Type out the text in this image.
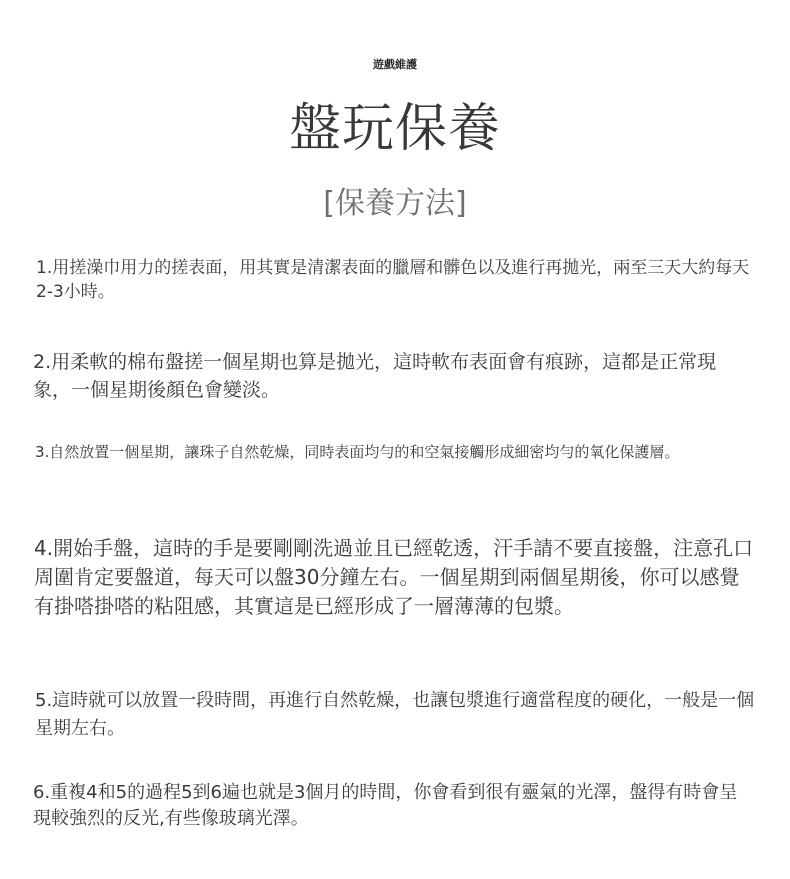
遊戲維護
盤玩保養
[保養方法]

1.用搓澡巾用力的搓表面，用其實是清潔表面的臘層和髒色以及進行再拋光，兩至三天大約每天2-3小時。

2.用柔軟的棉布盤搓一個星期也算是拋光，這時軟布表面會有痕跡，這都是正常現象，一個星期後顏色會變淡。

3.自然放置一個星期，讓珠子自然乾燥，同時表面均勻的和空氣接觸形成細密均勻的氧化保護層。

4.開始手盤，這時的手是要剛剛洗過並且已經乾透，汗手請不要直接盤，注意孔口周圍肯定要盤道，每天可以盤30分鐘左右。一個星期到兩個星期後，你可以感覺有掛嗒掛嗒的粘阻感，其實這是已經形成了一層薄薄的包漿。

5.這時就可以放置一段時間，再進行自然乾燥，也讓包漿進行適當程度的硬化，一般是一個星期左右。

6.重複4和5的過程5到6遍也就是3個月的時間，你會看到很有靈氣的光澤，盤得有時會呈現較強烈的反光,有些像玻璃光澤。
